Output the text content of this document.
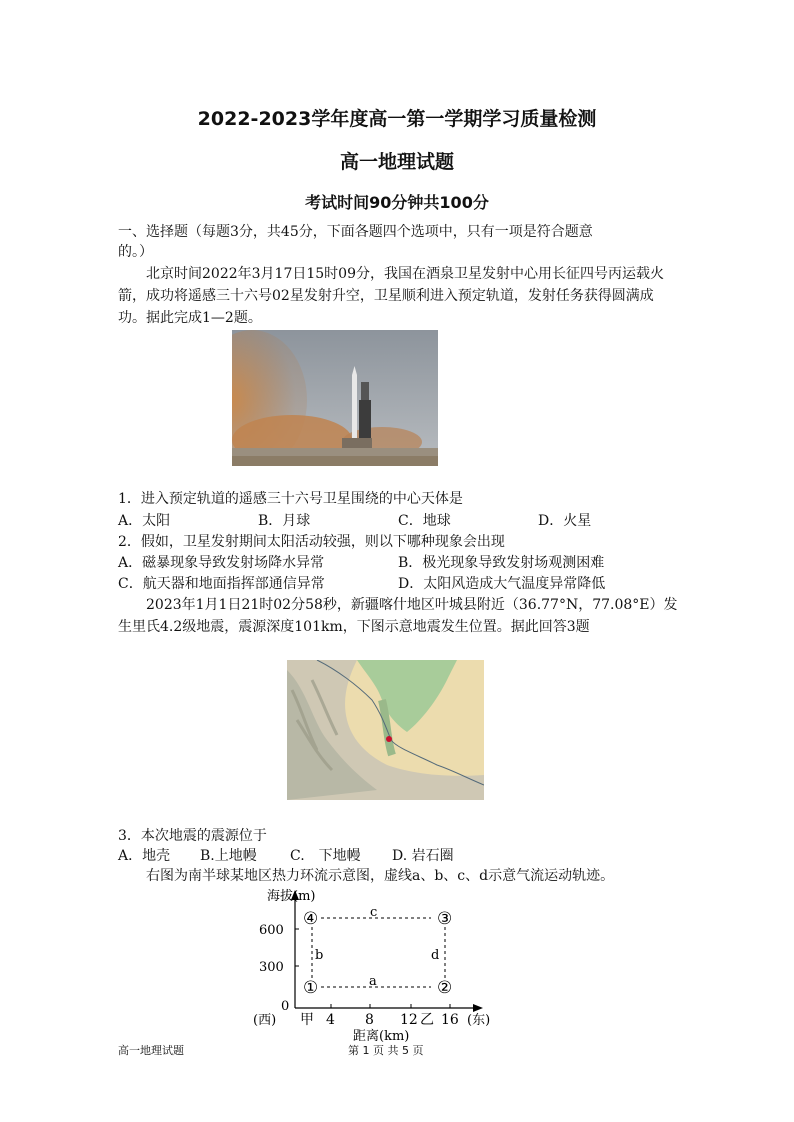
2022-2023学年度高一第一学期学习质量检测
高一地理试题
考试时间90分钟共100分
一、选择题（每题3分，共45分，下面各题四个选项中，只有一项是符合题意
的。）
北京时间2022年3月17日15时09分，我国在酒泉卫星发射中心用长征四号丙运载火箭，成功将遥感三十六号02星发射升空，卫星顺利进入预定轨道，发射任务获得圆满成功。据此完成1—2题。
1．进入预定轨道的遥感三十六号卫星围绕的中心天体是
A．太阳	B．月球	C．地球	D．火星
2．假如，卫星发射期间太阳活动较强，则以下哪种现象会出现
A．磁暴现象导致发射场降水异常	B．极光现象导致发射场观测困难
C．航天器和地面指挥部通信异常	D．太阳风造成大气温度异常降低
2023年1月1日21时02分58秒，新疆喀什地区叶城县附近（36.77°N，77.08°E）发生里氏4.2级地震，震源深度101km，下图示意地震发生位置。据此回答3题
3．本次地震的震源位于
A．地壳 B.上地幔 C.　下地幔 D. 岩石圈
右图为南半球某地区热力环流示意图，虚线a、b、c、d示意气流运动轨迹。
海拔(m)
600
300
0
甲 4 8 12 乙 16
(西)	(东)
距离(km)
c
a
b	d
①	②
③
④
高一地理试题	第 1 页 共 5 页
